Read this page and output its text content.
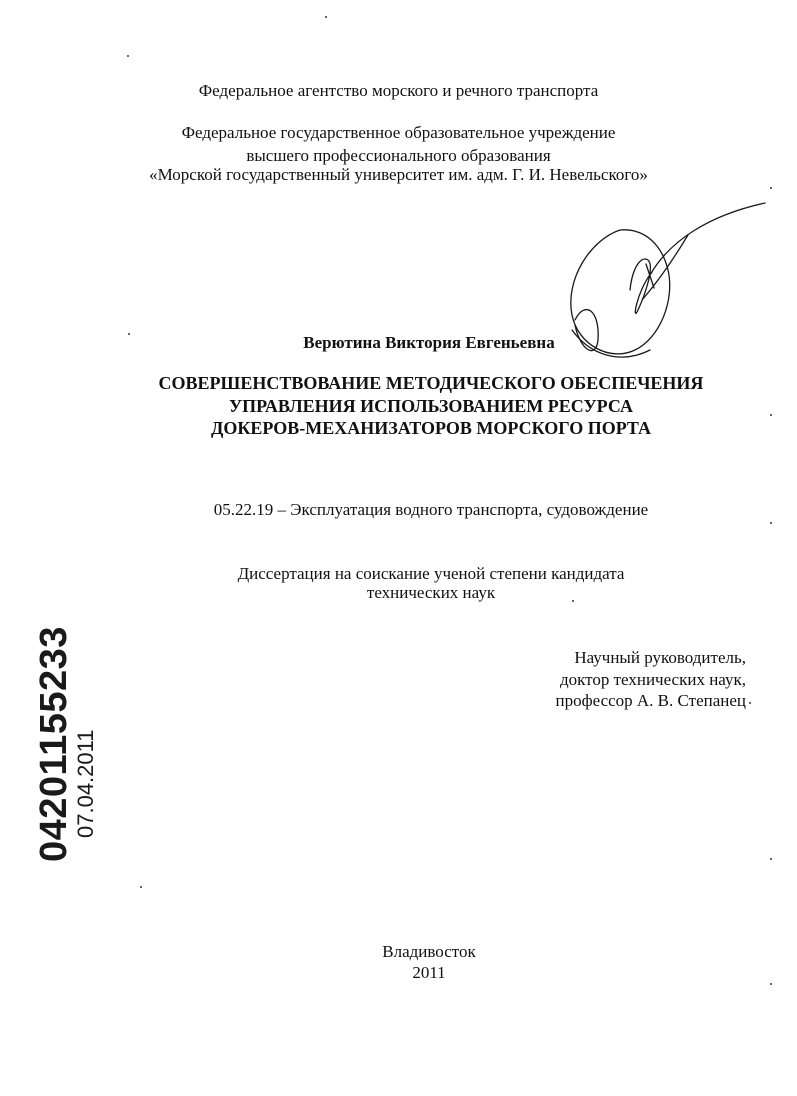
Федеральное агентство морского и речного транспорта
Федеральное государственное образовательное учреждение
высшего профессионального образования
«Морской государственный университет им. адм. Г. И. Невельского»
Верютина Виктория Евгеньевна
СОВЕРШЕНСТВОВАНИЕ МЕТОДИЧЕСКОГО ОБЕСПЕЧЕНИЯ
УПРАВЛЕНИЯ ИСПОЛЬЗОВАНИЕМ РЕСУРСА
ДОКЕРОВ-МЕХАНИЗАТОРОВ МОРСКОГО ПОРТА
05.22.19 – Эксплуатация водного транспорта, судовождение
Диссертация на соискание ученой степени кандидата
технических наук
Научный руководитель,
доктор технических наук,
профессор А. В. Степанец
04201155233
07.04.2011
Владивосток
2011
